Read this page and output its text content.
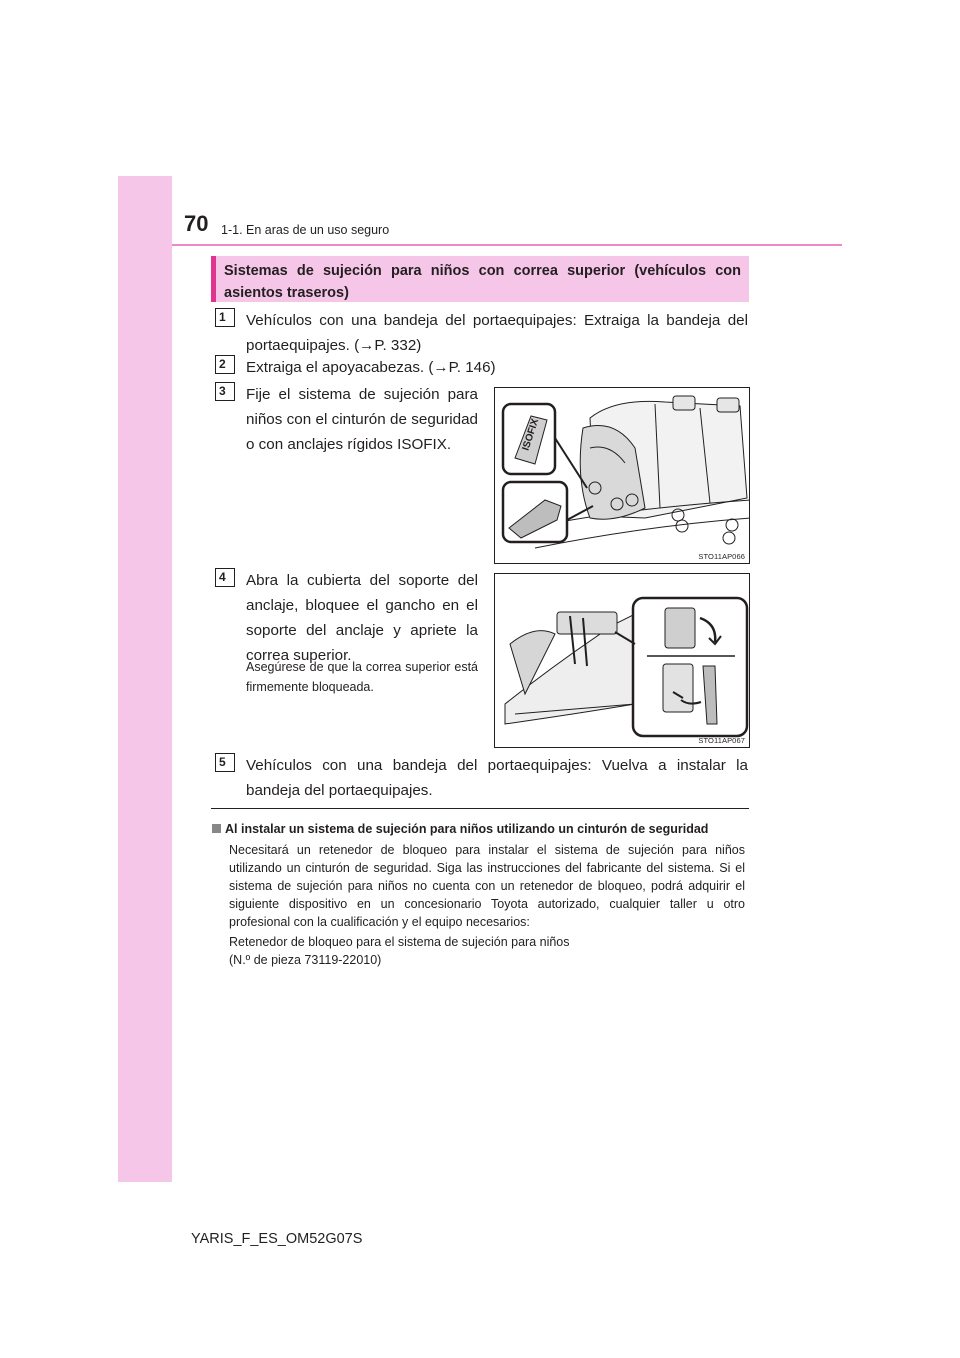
70 1-1. En aras de un uso seguro
Sistemas de sujeción para niños con correa superior (vehículos con asientos traseros)
1	Vehículos con una bandeja del portaequipajes: Extraiga la bandeja del portaequipajes. (→P. 332)
2	Extraiga el apoyacabezas. (→P. 146)
3	Fije el sistema de sujeción para niños con el cinturón de seguridad o con anclajes rígidos ISOFIX.	ISOFIX
STO11AP066
4	Abra la cubierta del soporte del anclaje, bloquee el gancho en el soporte del anclaje y apriete la correa superior.
Asegúrese de que la correa superior está firmemente bloqueada.
STO11AP067
5	Vehículos con una bandeja del portaequipajes: Vuelva a instalar la bandeja del portaequipajes.
Al instalar un sistema de sujeción para niños utilizando un cinturón de seguridad
Necesitará un retenedor de bloqueo para instalar el sistema de sujeción para niños utilizando un cinturón de seguridad. Siga las instrucciones del fabricante del sistema. Si el sistema de sujeción para niños no cuenta con un retenedor de bloqueo, podrá adquirir el siguiente dispositivo en un concesionario Toyota autorizado, cualquier taller u otro profesional con la cualificación y el equipo necesarios:
Retenedor de bloqueo para el sistema de sujeción para niños
(N.º de pieza 73119-22010)
YARIS_F_ES_OM52G07S
